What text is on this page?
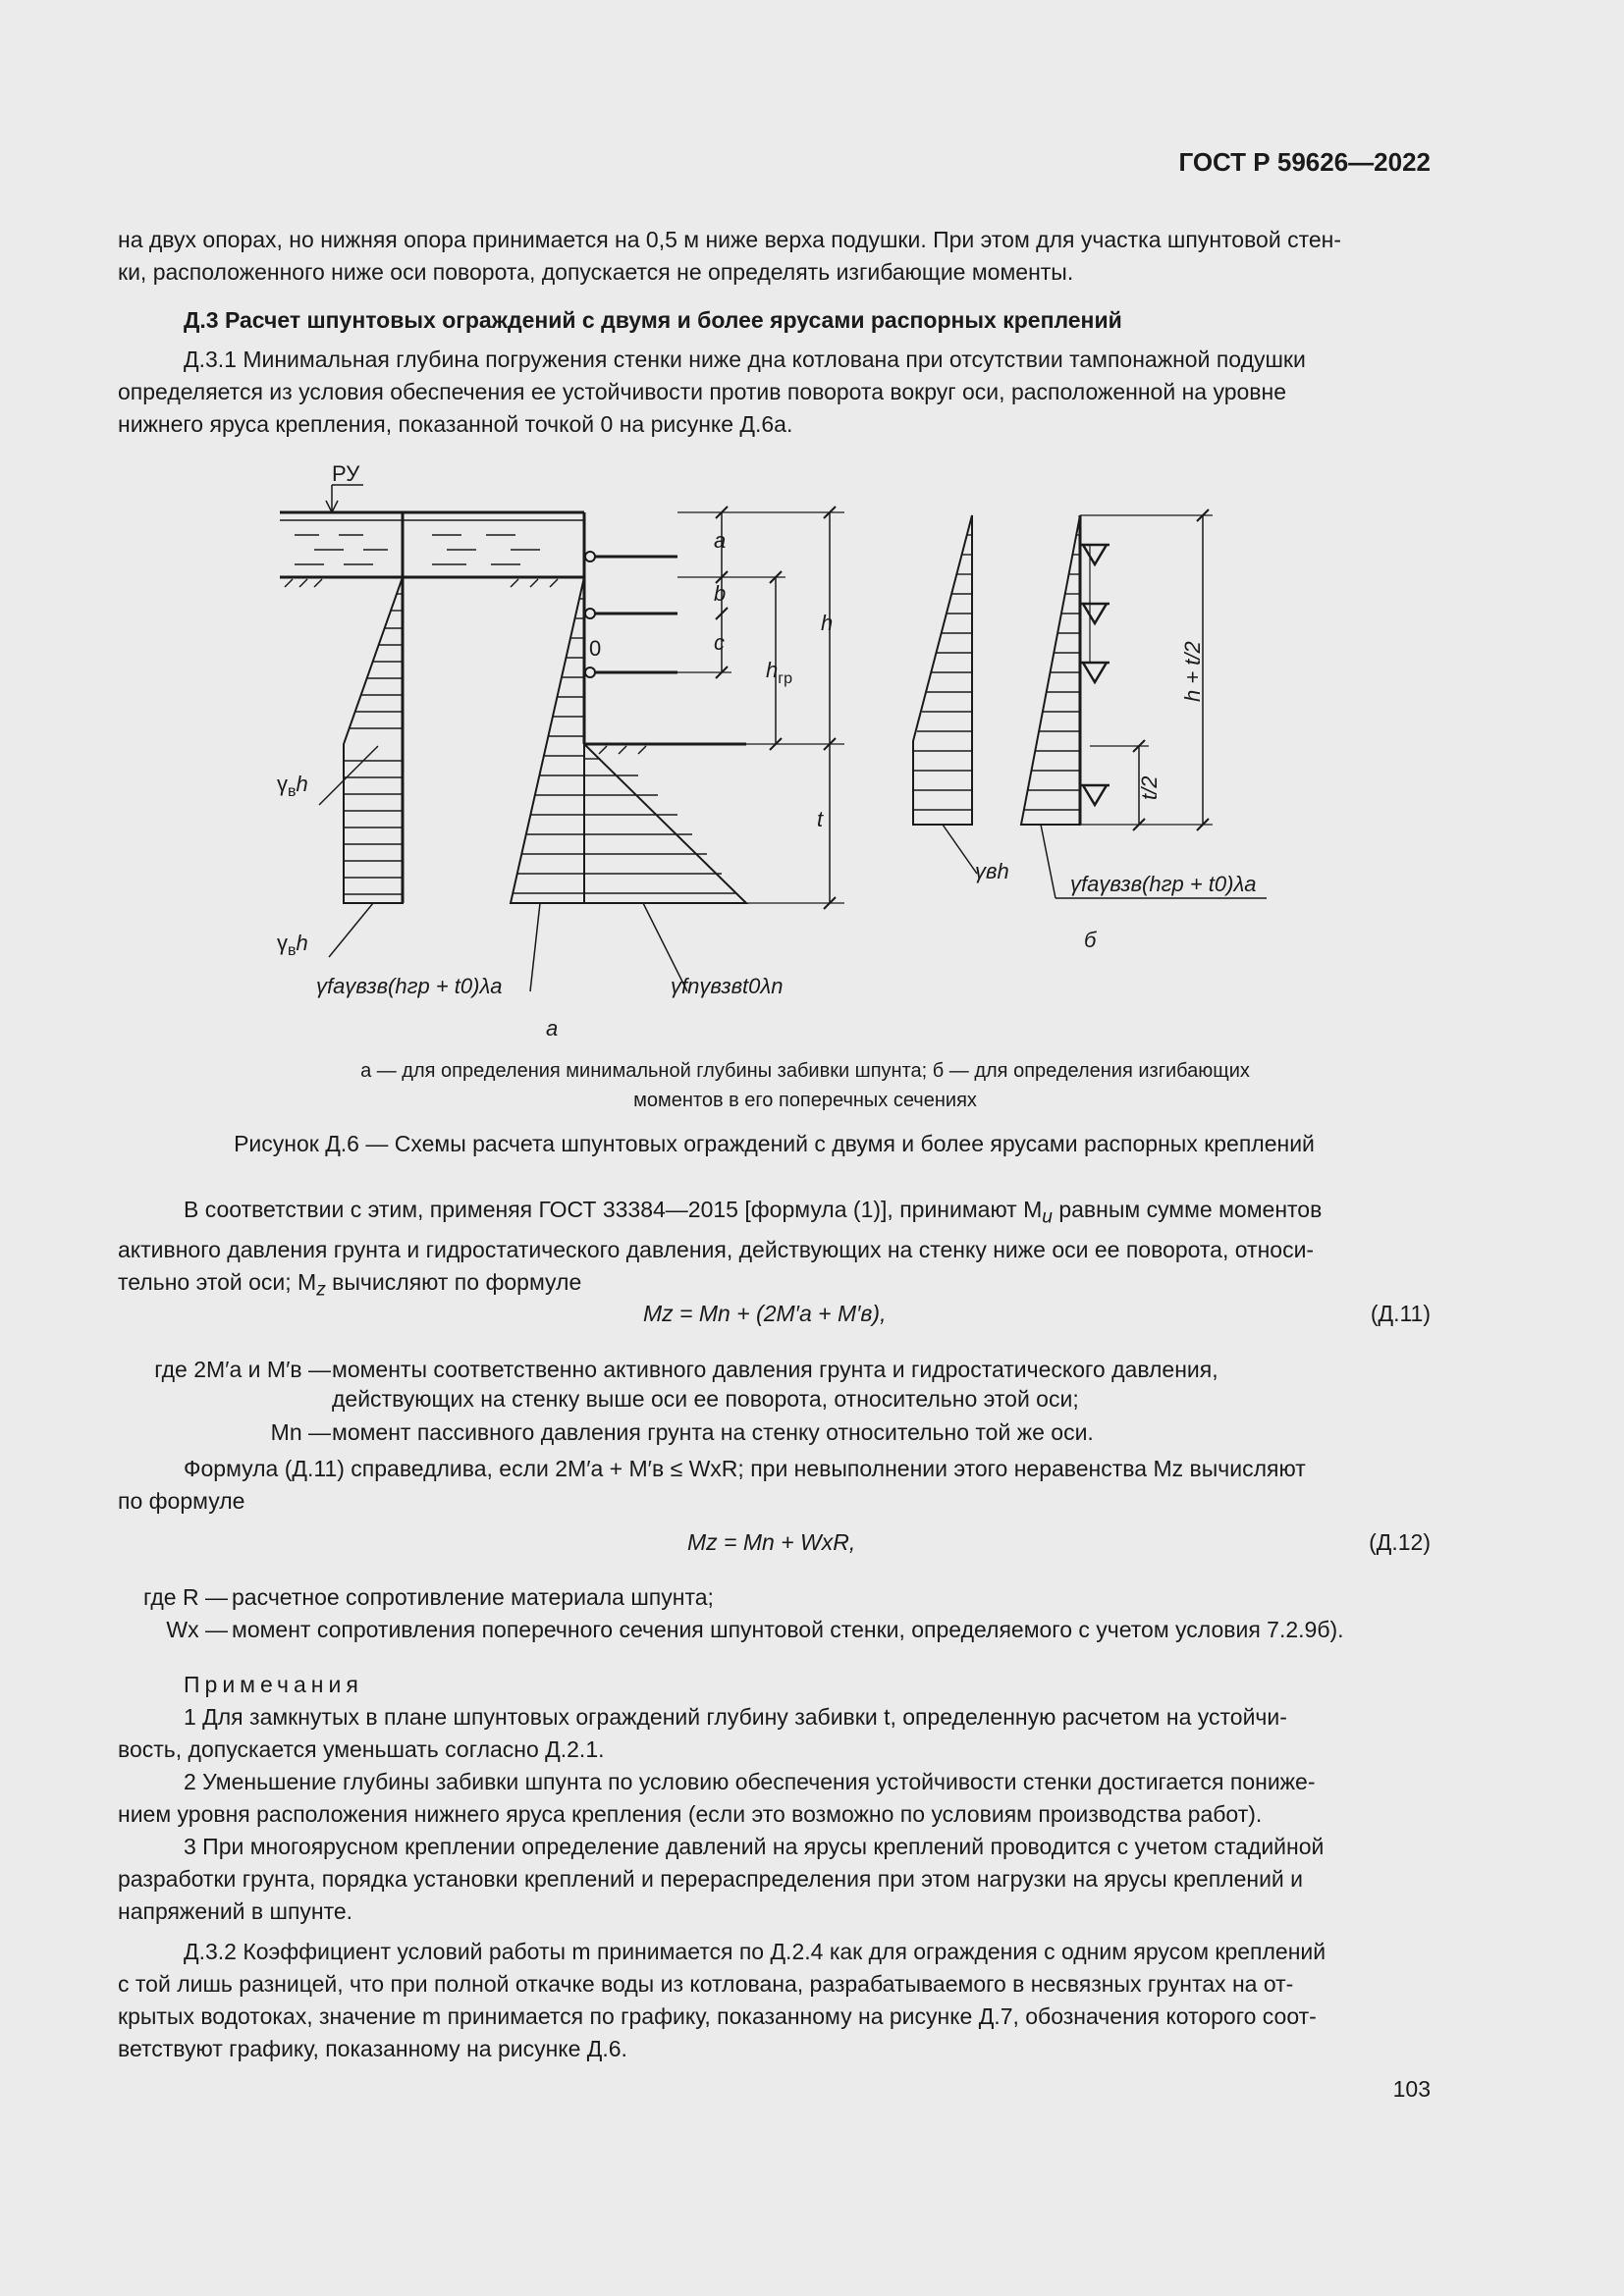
ГОСТ Р 59626—2022
на двух опорах, но нижняя опора принимается на 0,5 м ниже верха подушки. При этом для участка шпунтовой стен-
ки, расположенного ниже оси поворота, допускается не определять изгибающие моменты.
Д.3 Расчет шпунтовых ограждений с двумя и более ярусами распорных креплений
Д.3.1 Минимальная глубина погружения стенки ниже дна котлована при отсутствии тампонажной подушки
определяется из условия обеспечения ее устойчивости против поворота вокруг оси, расположенной на уровне
нижнего яруса крепления, показанной точкой 0 на рисунке Д.6а.
РУ
a
b
c
$h_{гр}$
h
0
t
$\gamma_вh$
$\gamma_вh$
γfaγвзв(hгр + t0)λa	γfnγвзвt0λn
а
h + t/2
t/2
γвh
γfaγвзв(hгр + t0)λa
б
а — для определения минимальной глубины забивки шпунта; б — для определения изгибающих
моментов в его поперечных сечениях
Рисунок Д.6 — Схемы расчета шпунтовых ограждений с двумя и более ярусами распорных креплений
В соответствии с этим, применяя ГОСТ 33384—2015 [формула (1)], принимают $M_u$ равным сумме моментов
активного давления грунта и гидростатического давления, действующих на стенку ниже оси ее поворота, относи-
тельно этой оси; $M_z$ вычисляют по формуле
Mz = Mn + (2M′а + M′в),	(Д.11)
где 2M′а и M′в — моменты соответственно активного давления грунта и гидростатического давления,
действующих на стенку выше оси ее поворота, относительно этой оси;
Mn — момент пассивного давления грунта на стенку относительно той же оси.
Формула (Д.11) справедлива, если 2M′а + M′в ≤ WxR; при невыполнении этого неравенства Mz вычисляют
по формуле
Mz = Mn + WxR,	(Д.12)
где R — расчетное сопротивление материала шпунта;
Wx — момент сопротивления поперечного сечения шпунтовой стенки, определяемого с учетом условия 7.2.9б).
Примечания
1 Для замкнутых в плане шпунтовых ограждений глубину забивки t, определенную расчетом на устойчи-
вость, допускается уменьшать согласно Д.2.1.
2 Уменьшение глубины забивки шпунта по условию обеспечения устойчивости стенки достигается пониже-
нием уровня расположения нижнего яруса крепления (если это возможно по условиям производства работ).
3 При многоярусном креплении определение давлений на ярусы креплений проводится с учетом стадийной
разработки грунта, порядка установки креплений и перераспределения при этом нагрузки на ярусы креплений и
напряжений в шпунте.
Д.3.2 Коэффициент условий работы m принимается по Д.2.4 как для ограждения с одним ярусом креплений
с той лишь разницей, что при полной откачке воды из котлована, разрабатываемого в несвязных грунтах на от-
крытых водотоках, значение m принимается по графику, показанному на рисунке Д.7, обозначения которого соот-
ветствуют графику, показанному на рисунке Д.6.
103
